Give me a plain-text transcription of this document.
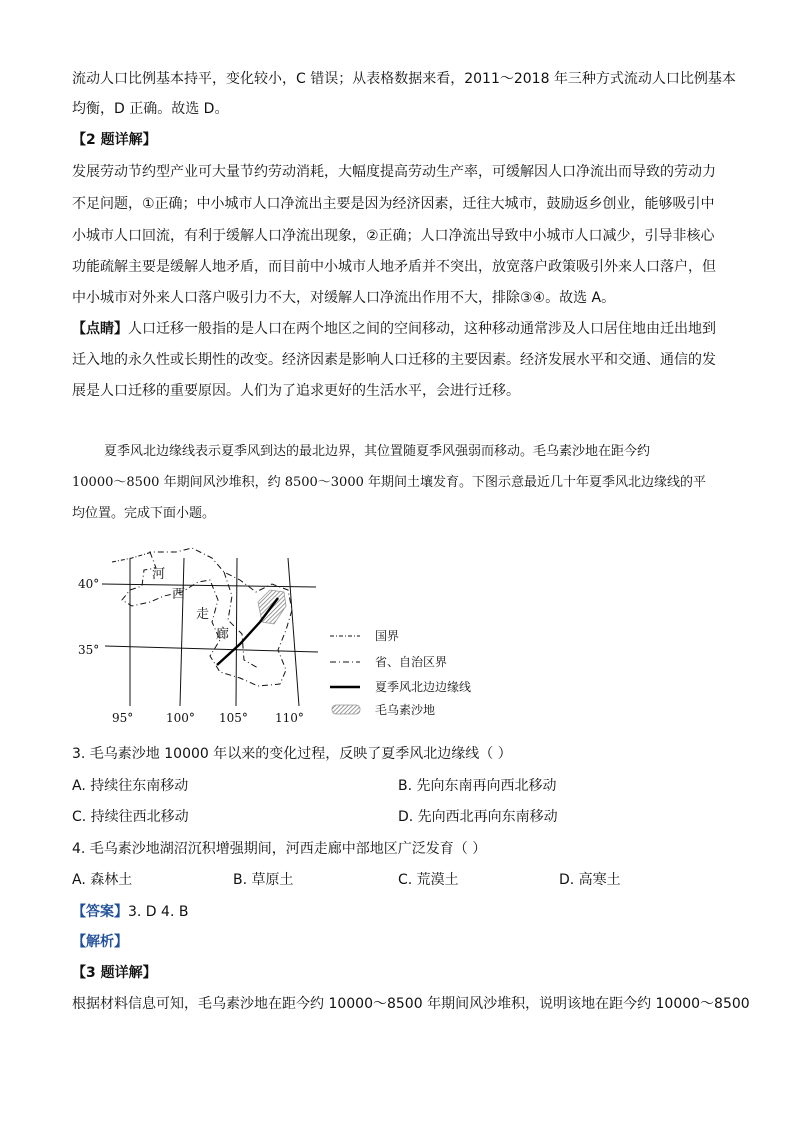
流动人口比例基本持平，变化较小，C 错误；从表格数据来看，2011～2018 年三种方式流动人口比例基本
均衡，D 正确。故选 D。
【2 题详解】
发展劳动节约型产业可大量节约劳动消耗，大幅度提高劳动生产率，可缓解因人口净流出而导致的劳动力
不足问题，①正确；中小城市人口净流出主要是因为经济因素，迁往大城市，鼓励返乡创业，能够吸引中
小城市人口回流，有利于缓解人口净流出现象，②正确；人口净流出导致中小城市人口减少，引导非核心
功能疏解主要是缓解人地矛盾，而目前中小城市人地矛盾并不突出，放宽落户政策吸引外来人口落户，但
中小城市对外来人口落户吸引力不大，对缓解人口净流出作用不大，排除③④。故选 A。
【点睛】人口迁移一般指的是人口在两个地区之间的空间移动，这种移动通常涉及人口居住地由迁出地到
迁入地的永久性或长期性的改变。经济因素是影响人口迁移的主要因素。经济发展水平和交通、通信的发
展是人口迁移的重要原因。人们为了追求更好的生活水平，会进行迁移。
夏季风北边缘线表示夏季风到达的最北边界，其位置随夏季风强弱而移动。毛乌素沙地在距今约
10000～8500 年期间风沙堆积，约 8500～3000 年期间土壤发育。下图示意最近几十年夏季风北边缘线的平
均位置。完成下面小题。
40°
35°
95°	100° 105° 110°
河
西
走
廊	国界
省、自治区界
夏季风北边边缘线
毛乌素沙地
3. 毛乌素沙地 10000 年以来的变化过程，反映了夏季风北边缘线（ ）
A. 持续往东南移动	B. 先向东南再向西北移动
C. 持续往西北移动	D. 先向西北再向东南移动
4. 毛乌素沙地湖沼沉积增强期间，河西走廊中部地区广泛发育（ ）
A. 森林土	B. 草原土	C. 荒漠土	D. 高寒土
【答案】3. D 4. B
【解析】
【3 题详解】
根据材料信息可知，毛乌素沙地在距今约 10000～8500 年期间风沙堆积，说明该地在距今约 10000～8500
